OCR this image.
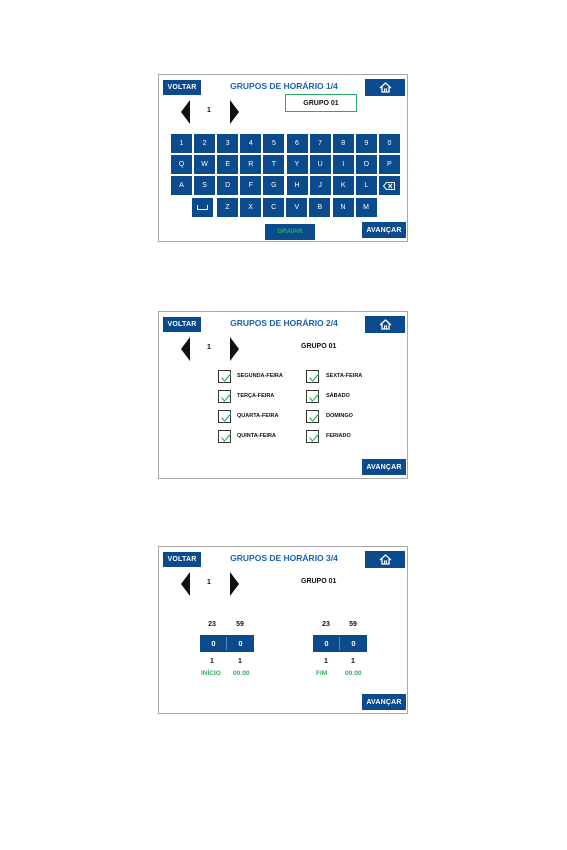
VOLTAR	GRUPOS DE HORÁRIO 1/4
1
GRUPO 01
1	2	3	4	5	6	7	8	9	0
Q	W	E	R	T	Y	U	I	O	P
A	S	D	F	G	H	J	K	L
Z	X	C	V	B	N	M
GRAVAR	AVANÇAR
VOLTAR	GRUPOS DE HORÁRIO 2/4
1	GRUPO 01
SEGUNDA-FEIRA
TERÇA-FEIRA
QUARTA-FEIRA
QUINTA-FEIRA
SEXTA-FEIRA
SÁBADO
DOMINGO
FERIADO
AVANÇAR
VOLTAR	GRUPOS DE HORÁRIO 3/4
1	GRUPO 01
23	59
0	0
1	1
INÍCIO 00:00
23	59
0	0
1	1
FIM	00:00
AVANÇAR
